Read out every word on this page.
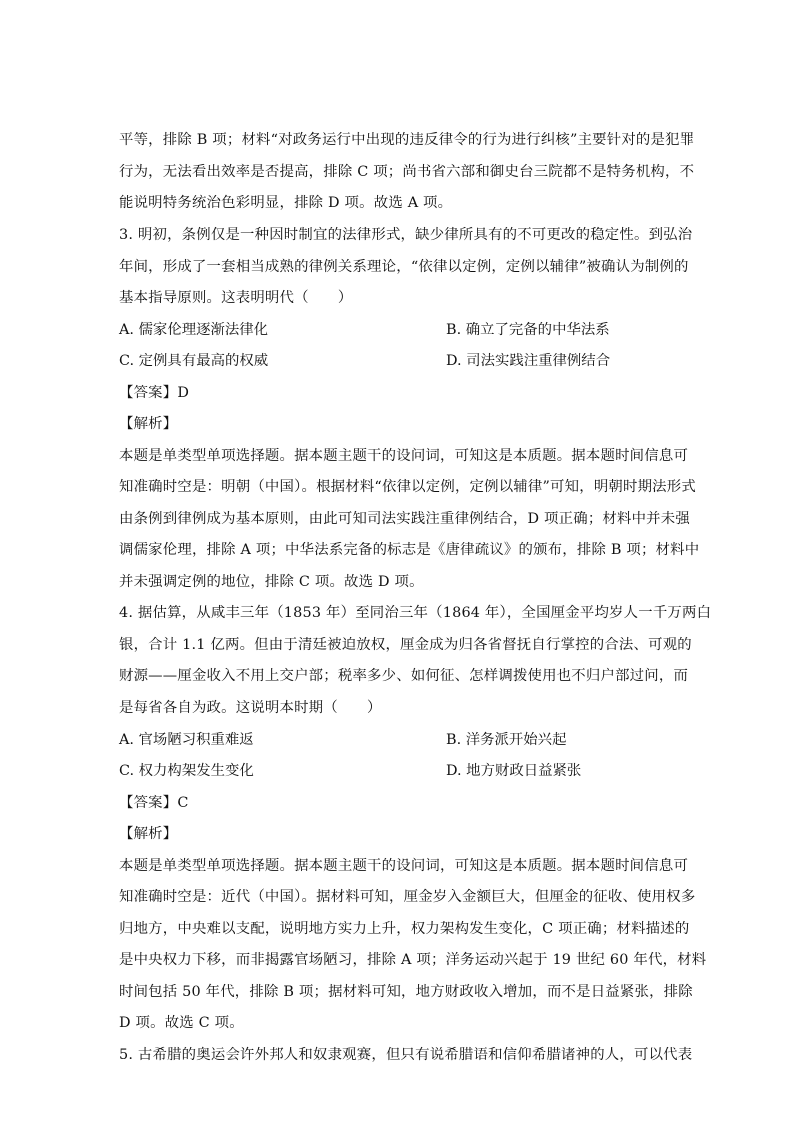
平等，排除 B 项；材料“对政务运行中出现的违反律令的行为进行纠核”主要针对的是犯罪
行为，无法看出效率是否提高，排除 C 项；尚书省六部和御史台三院都不是特务机构，不
能说明特务统治色彩明显，排除 D 项。故选 A 项。
3. 明初，条例仅是一种因时制宜的法律形式，缺少律所具有的不可更改的稳定性。到弘治
年间，形成了一套相当成熟的律例关系理论，“依律以定例，定例以辅律”被确认为制例的
基本指导原则。这表明明代（　　）
A. 儒家伦理逐渐法律化	B. 确立了完备的中华法系
C. 定例具有最高的权威	D. 司法实践注重律例结合
【答案】D
【解析】
本题是单类型单项选择题。据本题主题干的设问词，可知这是本质题。据本题时间信息可
知准确时空是：明朝（中国）。根据材料“依律以定例，定例以辅律”可知，明朝时期法形式
由条例到律例成为基本原则，由此可知司法实践注重律例结合，D 项正确；材料中并未强
调儒家伦理，排除 A 项；中华法系完备的标志是《唐律疏议》的颁布，排除 B 项；材料中
并未强调定例的地位，排除 C 项。故选 D 项。
4. 据估算，从咸丰三年（1853 年）至同治三年（1864 年），全国厘金平均岁人一千万两白
银，合计 1.1 亿两。但由于清廷被迫放权，厘金成为归各省督抚自行掌控的合法、可观的
财源——厘金收入不用上交户部；税率多少、如何征、怎样调拨使用也不归户部过问，而
是每省各自为政。这说明本时期（　　）
A. 官场陋习积重难返	B. 洋务派开始兴起
C. 权力构架发生变化	D. 地方财政日益紧张
【答案】C
【解析】
本题是单类型单项选择题。据本题主题干的设问词，可知这是本质题。据本题时间信息可
知准确时空是：近代（中国）。据材料可知，厘金岁入金额巨大，但厘金的征收、使用权多
归地方，中央难以支配，说明地方实力上升，权力架构发生变化，C 项正确；材料描述的
是中央权力下移，而非揭露官场陋习，排除 A 项；洋务运动兴起于 19 世纪 60 年代，材料
时间包括 50 年代，排除 B 项；据材料可知，地方财政收入增加，而不是日益紧张，排除
D 项。故选 C 项。
5. 古希腊的奥运会许外邦人和奴隶观赛，但只有说希腊语和信仰希腊诸神的人，可以代表
